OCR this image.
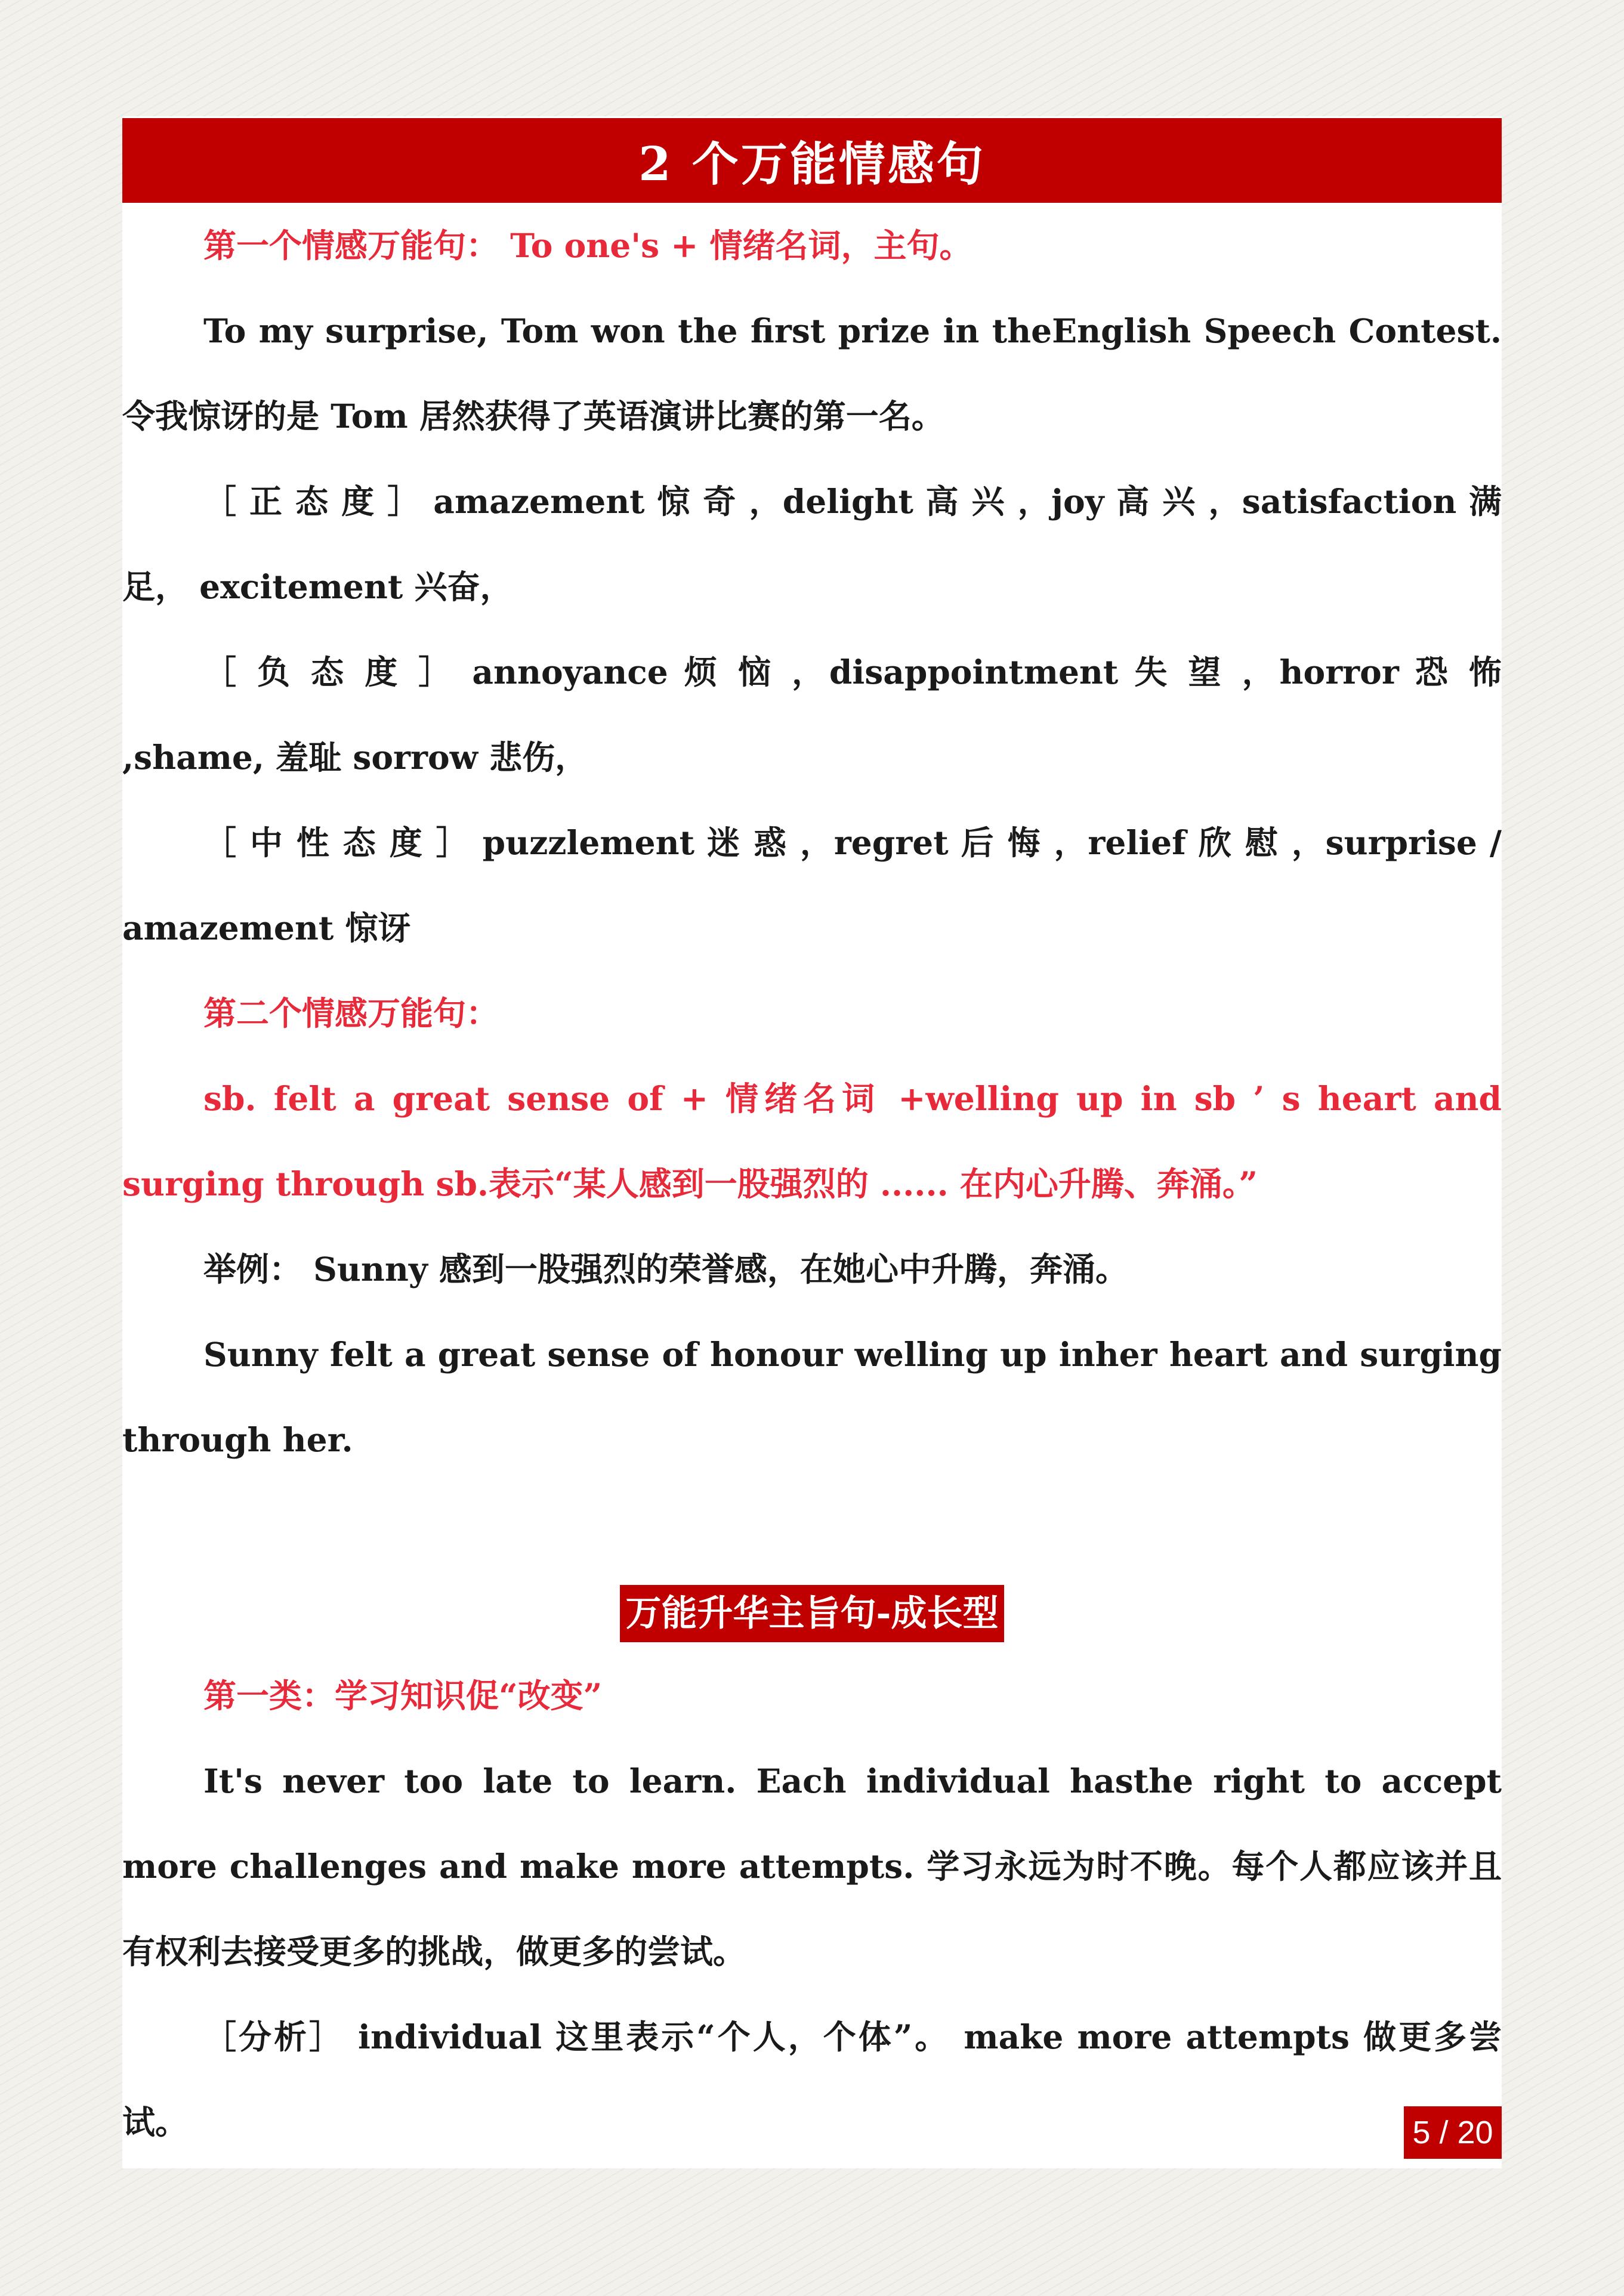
2 个万能情感句

第一个情感万能句： To one's + 情绪名词，主句。

To my surprise, Tom won the first prize in theEnglish Speech Contest. 令我惊讶的是 Tom 居然获得了英语演讲比赛的第一名。

［ 正 态 度 ］ amazement 惊 奇 ，delight 高 兴 ，joy 高 兴 ，satisfaction 满足， excitement 兴奋，

［ 负 态 度 ］ annoyance 烦 恼 ，disappointment 失 望 ，horror 恐 怖 ,shame, 羞耻 sorrow 悲伤，

［ 中 性 态 度 ］ puzzlement 迷 惑 ，regret 后 悔 ，relief 欣 慰 ，surprise / amazement 惊讶

第二个情感万能句：

sb. felt a great sense of + 情绪名词 +welling up in sb ’ s heart and surging through sb.表示“某人感到一股强烈的 ...... 在内心升腾、奔涌。”

举例： Sunny 感到一股强烈的荣誉感，在她心中升腾，奔涌。

Sunny felt a great sense of honour welling up inher heart and surging through her.

万能升华主旨句-成长型

第一类：学习知识促“改变”

It's never too late to learn. Each individual hasthe right to accept more challenges and make more attempts. 学习永远为时不晚。每个人都应该并且有权利去接受更多的挑战，做更多的尝试。

［分析］ individual 这里表示“个人，个体”。 make more attempts 做更多尝试。	5 / 20
